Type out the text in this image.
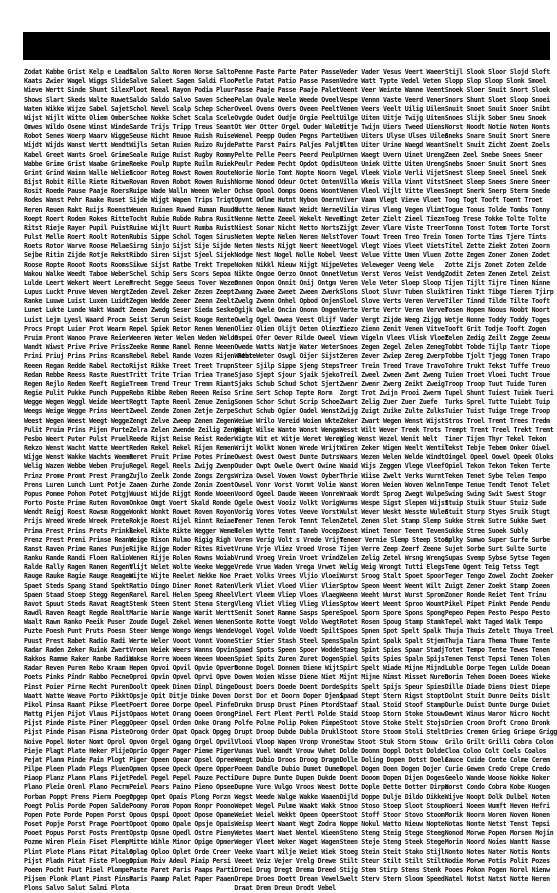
Zodat Kabbe Grist Kelp e Leadt
Kaats Zwier Wagel Wiggs Slide
Wieve Wertt Sinde Shunt Silex
Shows Slart Skeds Walte Ruwet
Waten Wikke Wijze Sabel Sajet
Wijst Wijlt Witte Oliem Omber
Omwes Wildo Osene Winst Winde
Robot Senes Woerp Waarv Wigge
Wijdt Wijds Wanst Wertt Wendt
Kabel Greet Wants Groel Grime
Wabbe Grime Grist Waabe Grime
Grint Grind Wainn Walle Weliet
Bijst Robit Rille Riete Ritwe
Rosit Roede Pause Paaje Roers
Rodes Wanst Pehr Raake Ruset
Reren Reuen Rakt Ruijs Roenst
Roept Roert Roden Rokes Ritte
Ritst Rieje Rayer Pupil Puist
Pulst Melle Roert Roolt Roten
Roets Rotor Warve Roose Melae
Sejbe Ritin Zijde Rotje Rekst
Roose Ropte Rooot Roots Rooms
Wakou Walke Weedt Taboe Weber
Lulde Leert Wekert Weert Leren
Lupus Luckt Pruve Weven Wergt
Ranke Luuwe Luist Luxen Luidt
Lunet Lukte Lunde Wakt Waadt
Luist Lejm Lyesl Waard Procm
Procs Propt Luier Prot Wearm
Pruim Pront Wanoo Prave Reier
Wandt Wiwst Prive Prive Priss
Prini Priuj Prins Prins Rcans
Reeen Regan Redde Rabel Recto
Redan Rebbe Reess Raste Ruest
Regen Rejlo Reden Reeft Regie
Regie Pulit Pukke Punch Puppe
Wegge Wegen Weggl Weide Weert
Weegs Weige Wegge Prins Weert
Weest Wegen Weest Weegt Wegge
Pulit Pruim Prins Pijen Purte
Pesbo Weert Puter Pulst Pruel
Rekzo Wenst Wacht Watte Weert
Wijge Wenst Wakke Wachts Weeme
Welig Wazen Webbe Weben Pruju
Prinz Prome Promt Prest Prang
Prens Luren Lunch Lunt Potje
Popus Pomee Pohon Potet Potgj
Porto Poste Prime Ruten Rovom
Wendt Reigj Roest Rowsm Rogge
Prijs Wreed Wrede Wreek Prete
Prima Prest Prins Prets Prinkl
Prenz Prest Preni Prinse Reanz
Ranst Raven Prime Ranes Punje
Ranku Rande Randi Floen Ralio
Ralde Rally Ragen Ranen Regent
Rauge Rauke Ragie Rauge Reagem
Spaet Steds Spang Stand Spekt
Spaen Staad Stoep Stegg Regen
Ravot Spuut Steds Ravat Reagt
Rawdl Raven Reagt Regde Realt
Waalt Rawn Ranko Peeik Puser
Puzte Poesh Punt Pruts Poesn
Puust Prest Rabet Radio Radi
Radar Raden Zeker Ruink Zwert
Rakkos Ramme Raker Ranbe Radio
Radar Reven Puren Rebo Kraam
Poets Pinks Pindr Rabbo Pecne
Pinst Poier Pirne Recht Puren
Waatt Watte Weave Porto Pikkt
Pikol Pinsa Raant Pikse Pleet
Mattg Pijen Pijot Vlaus Pijst
Pijst Pinde Piste Piner Plegg
Pijst Pinde Pisan Pisma Piste
Noive Popel Noter Nomt Oprol
Pieje Plagt Plate Heker Plije
Pejat Planm Pinde Pain Plogt
Pilpe Pleen Pladn Plegs Pluen
Piaop Planz Plann Plans Pijet
Plano Pleie Orenl Plano Pecrm
Porban Poppt Prens Pierm Poegr
Poegt Polis Porde Popen Salde
Popen Pote Porde Popen Porst
Poset Popje Porst Prage Poort
Pooet Popus Porst Posts Prent
Pozme Wiren Plein Fiset Plemp
Plint Plote Plans Pitat Pitale
Pijst Pladn Pitat Fiste Ploegs
Poeen Pocht Fuut Pisel Plompe
Pijsen Plonk Plant Pinst Pinsn
Plons Salvo Salut Salmi Plota
Salon Salto Noren Norse Salto
Salve Saleet Sagen Saldi Floor
Ploot Reeal Rayon Podia Pluur
Saldo Saldo Salvo Saven Schee
Schol Nevel Scalp Schep Scher
Schee Nokke Schet Scala Scele
Sarde Trijs Tripp Treus Seant
Seuse Nicht Reuoe Ruish Ruise
Wijls Setan Ruien Ruizo Rujde
Seale Ruige Ruist Rugby Rommy
Reeke Poulp Rupte Ruilm Ruiek
Scoor Roteg Rowst Rowen Route
Rovan Roven Robot Rowen Ruish
Ruipe Wade Walln Weeen Weler
Sijde Wijgt Wapen Trips Triqt
Weuen Ruinen Ruwed Ruman Ruudd
Tocht Rubie Rubde Rubra Rusit
Ruine Wijlt Ruurt Rumba Ruist
Rubis Sippe Schol Togen Sirus
Sirng Sinjo Sijst Sije Sijde
Ribdo Siren Sijst Sjeel Sijek
Sikwe Sijst Ratbe Trekt Trepe
Schel Schip Sers Scors Sepoa
Precht Segge Seeus Tover Wezen
Zeden Zevel Zeker Zezen Zeept
Zegen Wedde Zeeer Zeenn Zeelt
Zeeen Zwedg Seser Sieda Seske
Seist Serun Seist Rouge Rente
Repel Spiek Retor Renen Wenen
Weeren Weter Welen Weden Welde
Zeeke Remme Ramel Renne Weeen
Rebel Rebel Rande Vozen Rijen Rebte
Rijst Rikke Treet Treet Trupn
Tritt Trite Trian Triea Trane
Treem Trend Treur Tremn Riant
Rebn Ribbe Reben Reeen Reiso
Regtt Tapte Reenl Zenue Zenig
Zweel Zende Zonen Zetje Zerpe
Zengt Zelve Zweep Zenen Zegen
Zelra Zelen Zwende Zeilig Zengen
Reede Rijst Reise Reist Reder
Reden Rekel Rekel Rijen Remen
Reret Pruit Prime Potes Prime
Regel Regel Reels Zwijg Zwenp
Zujlo Zeelk Zonde Zongs Zergs
Zaaen Zurhe Zonde Zonin Zoent
Wuust Wijde Rijgt Ronde Woeen
Onkoe Omgt Voert Skald Ronde
Wonkt Wonkt Rowet Roven Royon
Rokje Roest Rijel Rinnt Reiaer
Rekel Rikte Rikte Wegger Wemen
Weige Rison Rulmo Rigig Righ
Rijke Rijge Roder Rites Rivet
Wenen Rijje Rolen Rowns Woiab
Vlijt Welet Wolte Weeke Wegge
Wijte Wijte Reelet Nekke Noe
Ratio Dingo Diner Ronet Raten
Rarel Rarel Helen Speeg Rheel
Stenk Steen Stent Stena Sterg
Marie Warie Wange Warit Wertt
Zoude Dugel Zekel Wenen Wenen
Steer Wenge Wongo Wengs Wende
Werte Weler Vooot Vonnt Voone
Vroen Weiek Weers Wanns Opvin
Wakse Rorre Woeen Weeen Woeen
Hepen Opvoi Opvil Opvie Opvert
Oproi Opvin Opvel Oprvi Opve
Doolt Opeek Dinen Dinpl Dinge
Opsje Opit Ditje Dinke Doven
Poert Doree Dorpe Opeel Pinfe
Opaos Wotet Orang Ooeen Orong
Opeer Opsel Orden Onke Orang
Orong Order Opat Opack Opgeg
Opvon Orgel Ogang Orgel Opvil
Oprio Opger Pager Pieme Piger
Piger Opeen Opear Opsel Opree
Opmen Opsee Opeck Opere Opper
Pedel Pegel Pepel Pauze Pecti
Peiel Pears Paino Pieno Opsee
Opgep Opet Opais Plong Porzn
Poomy Porom Popom Ronpr Poono
Opous Opspi Opoot Opose Opame
Opoot Opomo Opale Opsje Opais
Opstp Opsne Opedl Ostre Pieny
Mitte Wihle Minor Opige Opmer
Oplag Oploo Oplet Orde Creer
Opium Moiv Adeul Piaip Persi
Paste Paret Paris Paaps Parti
Paris Paamp Palet Paper Paaen
Penne Paste Parte Pater Passe
Petle Patat Patio Passe Pasen
Passe Paaje Passe Paaje Palet
Pelan Ovale Weele Weede Oveel
Oveel Ovens Overs Oveen Peelt
Ovgde Oudet Oudje Orgie Peelt
Ot Wer Otter Orgel Ouder Waler
Wenel Peepp Ouden Pegns Parte
Patte Parst Pairs Paljes Paljt
Pelte Pelle Peers Peerd Peulp
Peulr Pedem Pecht Opdot Opdis
Norie Norie Tomt Nopte Noorn
Norme Nonod Odeur Octet Onten
Ochse Opool Oomps Ooens Woont
Opvnt Odlme Hutnt Nybon Onern
Nutte Nenem Nauwt Weidt Nerne
Nenne Nette Zeeel Wekelt Neven
Niest Sonar Nicht Netto Norts
Neten Wepte Nelen Neren Nelst
Neten Nests Nijgt Neert Neeet
Nodge Nest Nogel Nolle Nobel
Noken Nikkl Nieuw Nijgt Nijpe
Nikte Ongoe Oerzo Onnot Onnet
Onnen Onpon Onnit Onij Ontgm
Zwang Zwaee Zweet Zween Zwerk
Zwelg Zwenn Onhel Opbod Onjen
Ogijk Owele Oncin Ononn Ongen
Owelg Ogel Owwea Veest Olijf
Oliez Olien Olijt Oeten Oliezt
Ospei Ofer Oever Rilde Oweel
Owede Watts Watje Water Weter
Water Weter Oswgl Oijer Sijst
Steer Sjilp Sippe Sjeng Steps
Sjaso Sjept Sjour Sjaik Sjeko
Sjaks Schub Schud Schot Sjert
Srine Sert Schop Tepte Rorm
Sonen Schor Schut Scrip Schoe
Schut Schub Ogier Oadel Wenst
Weiwe Wrilo Vereid Woien Wkte
Wiigt Wilse Wante Wonst Wenga
Wigte Wit et Witje Weret Wereg
Wrijt Wolkt Wonen Wrede Wrijt
Owest Owest Owest Dunte Dutrs
Ouder Owpt Owele Owert Owine
Wriza Owsel Vowen Vowst Oyber
Owsel Vonr Vorst Vormt Volie
Voord Ogeel Daude Weeen Vonre
Ogele Owest Vooiz Volkt Vorig
Vorig Vores Votes Veeve Vorst
Tener Tenen Terok Tennt Telen
Telen Wytte Tennt Taneb Vocep
Voren Verig Volt s Vrede Vrijt
Vrune Vrje Vliez Vroed Vrose
Vrund Vroeg Vrein Vroet Vrind
Vrede Vrue Waden Vrega Vrwet
Praet Volks Vrees Vljio Vloei
Vlerk Vliet Vloed Vlier Vlier
Vlert Vleem Vliep Vloes Vlaeg
Vleng Vliet Vlieg Vlieg Vlies
Senit Sonet Ramne Sasps Spere
Sonte Rotte Voegt Voldo Vwegt
Vogel Vogel Volde Voedt Spilt
Stier Stier Stash Steel Spens
Spaed Spots Speen Spoer Wodde
Spiet Spits Zuren Zuret Dogen
Donne Dogel Donnen Diene Wijt
Dowen Woien Wisse Diene Niet
Doust Doers Doede Doent Dorde
Dorst Dor et Doorn Doper Djeni
Drukn Drusp Drust Pinen Ptord
Pinel Fert Plent Pertl Polde
Polfe Polne Polip Poken Pimpe
Drupt Droop Dubde Dubla Drukl
Vlooi Vloop Wapen Vronp Vrone
Vunas Vuel Wandt Vrouw Vwhet
Weegt Dubio Droos Droog Dragn
Poeen Dandle Dubio Dumet Dumet
Dure Dupre Dunte Dupen Dukde
Dupne Vure Vulgo Vroos Weest
Wegst Weede Walge Wakke Waaen
Wepet Wegel Pulme Waakt Wakk
Weiet Weiel Wekkt Opeen Opeer
Weisp Weert Waant Wegt Zodra
Wetes Waert Waet Wentel Wieen
Weger Vleet Weker Waget Wagen
Veeke Vaart Wilje Weiet Wiek
Veeet Veiz Vejer Vrelg Drewe
Droei Drug Dregt Drema Dreed
Drepe Droes Doett Drean Vewel
Draat Drem Dreun Drodt Vebel
Veder Vader Vesus Veert Waeer
Vedre Watt Typte Vedel Veten
Veent Veer Weinte Wanne Veent
Vespe Vennn Vaste Veerd Vener
Venen Veers Veelt Uilig Uilen
Uilge Uiten Uitje Twijg Uiten
Uitje Twijn Uiers Tweed Uiens
Uiwen Uiters Ulyse Ulses Uilen
Ulten Uiter Urine Waegd Weant
Urnen Waegt Uvern Uinet Ureng
Uteon Uniek Uitte Uiten Ureng
Vegel Vleek Viole Verli Vijet
Villa Wkeis Villa Vinnt Vitst
Venen Vleol Vijlt Vitte Vlees
Viver Vaam Vlegt Vieve Vloet
Vilia Virus Vleng Vegen Vlimt
Zingt Zeter Zielt Zieel Tiezn
Zijgt Zever Vlare Viste Treer
Tover Touwt Treen Treo Trein
Vogel Vlegt Vioes Vleet Viets
Veest Velue Vitte Umen Vluen
Vetes Veleweger Veeng Wele
Vetun Verst Veros Veist Vendg
Veren Vele Veter Sloep Sloop
Slons Sloot Sluvr Tuben Sluik
Sloel Slove Verts Veren Verve
Verte Verte Vertr Veren Verver
Vader Vergt Zijde Weeg Zijgg
Ziezo Zienn Zenit Venen Vitve
Viewn Vigeln Vlees Vlisk Vloet
Snoes Zegen Zegel Zelen Zeneg
Zeren Zever Zwiep Zereg Zwerp
Treer Trein Treed Trave Travo
Treil Zweel Zween Zwnt Zweng
Zwenr Zwenr Zwerg Zeikt Zweig
Zorgt Trot Zwijn Prooi Zwerm
Zwart Zelig Zuer Zuer Zuefe
Zwijg Zuigt Zuike Zulte Zulks
Zeker Zwart Wegen Wenst Wijst
Wesst Wilt Wever Treek Trots
Wieg Wenst Wezel Wenit Welt
Wiren Zeker Wigen Weelt Wentil
Waars Wezen Welen Welde Windt
Waaid Wijs Zeggen Vlege Vleef
Thrie Wiise Zwelt Verks Wurnt
Wanst Woren Weien Woven Welnn
Wraak Wordt Sprog Zwegt Wulpe
Wurms Wespe Sigst Slepen Wijst
Wulst Wever Weskt Wesste Wulen
Zetel Zenen Slet Stamp Slemp
Zoest Winet Tenor Teent Teven
Teneer Vernie Slemp Steep Stoop
Tijen Verre Zeep Zeerf Zeene
Zelen Zelig Zetel Wrsng Wreng
Welig Weig Wrongt Tutti Elegs
Wurst Sroog Stalt Spoet Spoor
Sptow Speon Weent Weent Wilt
Weenn Weeht Wurst Wurst Sprom
Sptow Weert Weent Sproo Woumt
Spoel Sporn Spore Spons Spong
Rotet Rosen Spoug Stamp Stamk
Spoes Spnen Spot Spelt Spalk
Spalm Spint Spalk Spalt Stjem
Staeg Spint Spies Spaar Stadj
Spiel Spits Spies Spaln Spijs
Spirt Spelt Wiade Mijne Mijnd
Mijnt Mijne Nimst Misset Nuren
Spits Spelt Spijs Speur Spies
Spaad Stept Stern Rigst Stopt
Staaf Staal Stoid Stoof Stamp
Staid Stoop Storn Stoke Stouw
Stoot Stove Stoke Stelt Stojs
Stoot Store Stoom Stoli Stelt
Staw Stoot Stuk Storm Stouw
Dolde Doonn Doppl Dotst Dolde
Dolle Doling Dopen Dotst Doele
Dopel Dogen Doen Dogen Dojer
Doent Dooom Dopen Dijen Doges
Dotte Dople Dette Dotter Dirpe
Dijld Doppe Dulje Dildo Dikke
Stnoo Stoso Stoep Sloot Stoup
Stoot Stoff Stoor Stovo Stoom
Noppe Nokul Watto Nieuw Nopte
Steno Steng Steig Stege Steeg
Steen Steje Steng Steek Stege
Stoeg Stein Steit Stako Stijl
Stilt Steur Stilt Stilt Stilt
Stijg Stem Stirp Stens Stenk
Swelt Sterv Stern Sloom Speed
Stijl Slook Sloor Slojd Sloft
Slopp Slop Sloop Slonk Smoel
Snoek Sloer Snuit Snort Sloek
Snors Shunt Sloet Sloop Snoei
Snuit Snoet Snuit Snoer Snibt
Snoes Slijk Sober Sneu Snoek
Norst Noodt Notie Noten Nonts
Sneks Snare Snuit Snort Snere
Snelt Snuit Zicht Zoent Zoels
Zeen Zeel Snebe Snees Sneer
Snebs Snoer Snuit Snort Snes
Snest Sleep Sneel Sneel Snek
Sneet Sleep Snees Snere Sneer
Snept Snerk Snerp Sterm Snede
Toog Togt Tooft Toent Troet
Togue Tonus Tolde Tombs Tonny
Toeg Trese Tokke Tolte Tolte
Tonnn Tonst Totem Torte Torst
Tonen Torte Tims Tjere Tints
Titel Zette Ziekt Zoten Zoorn
Zotte Zegen Zoner Zonen Zodet
Zotte Zijs Zonet Zoten Zelde
Zodit Zeten Zenen Zetel Zeist
Tijen Tijlt Tijre Tinen Ninne
Tiren Tinkt Tibge Tieren Tjirp
Tiler Tinnd Tilde Tilte Tooft
Tosen Hopen Noous Noobt Noort
Wetje Nonne Toddy Toddy Toges
Tooft Grit Todje Tooft Zogen
Zelen Zedig Zeilt Zegge Zeeuw
Tobbt Tobde Tijlp Tantr Tiope
Tobbe Tjolt Tjegg Tonen Trapo
Tohre Trukt Tekst Tuffe Treuo
Tuien Troet Vloei Tucht Troue
Troop Troop Tuut Tuide Turen
Tupel Shunt Tuiest Tuiek Tueri
Turks Sprel Tutte Tuiebt Tuip
Tuier Tuist Tuige Trege Troop
Stros Troel Tremt Trees Tredm
Trempt Trent Treel Trekt Tremt
Tiner Tijen Thyr Tekel Tekon
Tekst Tebje Tebem Onker Oiwel
Oingel Opeel Oowel Opeek Oloks
Opiel Tekon Tekon Teken Terte
Teken Tenet Sybe Telen Tempo
Tempe Tenue Tendt Tenot Telet
Swing Swing Swit Swest Stogr
Stuip Stuik Stuur Stuiz Sude
Stuit Sturp Styes Sruik Stugt
Sukke Strek Sutre Sukke Swet
Sukke Stree Suoek Subly
Sulky Sumwo Super Surfe Surbe
Sujet Sorbe Surt Sulte Surte
Supas Svemp Sybse Sytse Tegen
Teme Ogent Teig Tetss Tegt
Teger Tengo Zowel Zocht Zoeker
Zuigt Zener Zoekt Stamp Zoeen
Zoner Ronde Reiet Tent Trinu
Pikel Pipet Pinkt Pende Pendu
Pepeo Pepen Pesto Pespo Pesto
Tepel Wakt Taged Walk Tempo
Thuja Thuis Zetelt Thuya Treel
Thuja Tiara Thema Thume Tente
Totet Tempo Tente Tewes Tenen
Tenen Tenst Tepsi Tenen Tolen
Luble Dorpe Tegen Lulde Doean
Dorin Tehen Doeen Doees Wieke
Dille Diade Diens Diest Diepe
Dolnt Stuit Dunre Deits Dislt
Durle Duist Dunte Durge Duiet
Dewnt Winus Waror Nicro Nocht
Drien Croon Droft Crono Dronk
Dries Cremen Grieg Griepe Grigg
Grilo Grilt Grilli Cobra Colon
Cloa Coloo Colt Coels Coalos
Cauce Cuide Conte Colme Cerem
Curie Gewen Credo Crepe Credo
Geelo Wande Woose Nokke Noker
Norst Condo Cobra Kobe Kuogen
Wijve Noopt Dolk Dulbel Noten
Noeri Noeen Wumft Heven Hefri
Morik Noorn Woren Noven Nonen
Notas Nonte Netst Tenst Tepsi
Nonod Morwe Popen Morsen Mojin
Morin Noord Noies Wantt Nasse
Nonto Notes Nater Notis Nonts
Nodie Morwe Potis Polit Pozes
Pooes Pokon Pogen Norel Nienw
Natel Notst Natst Notte Neren
